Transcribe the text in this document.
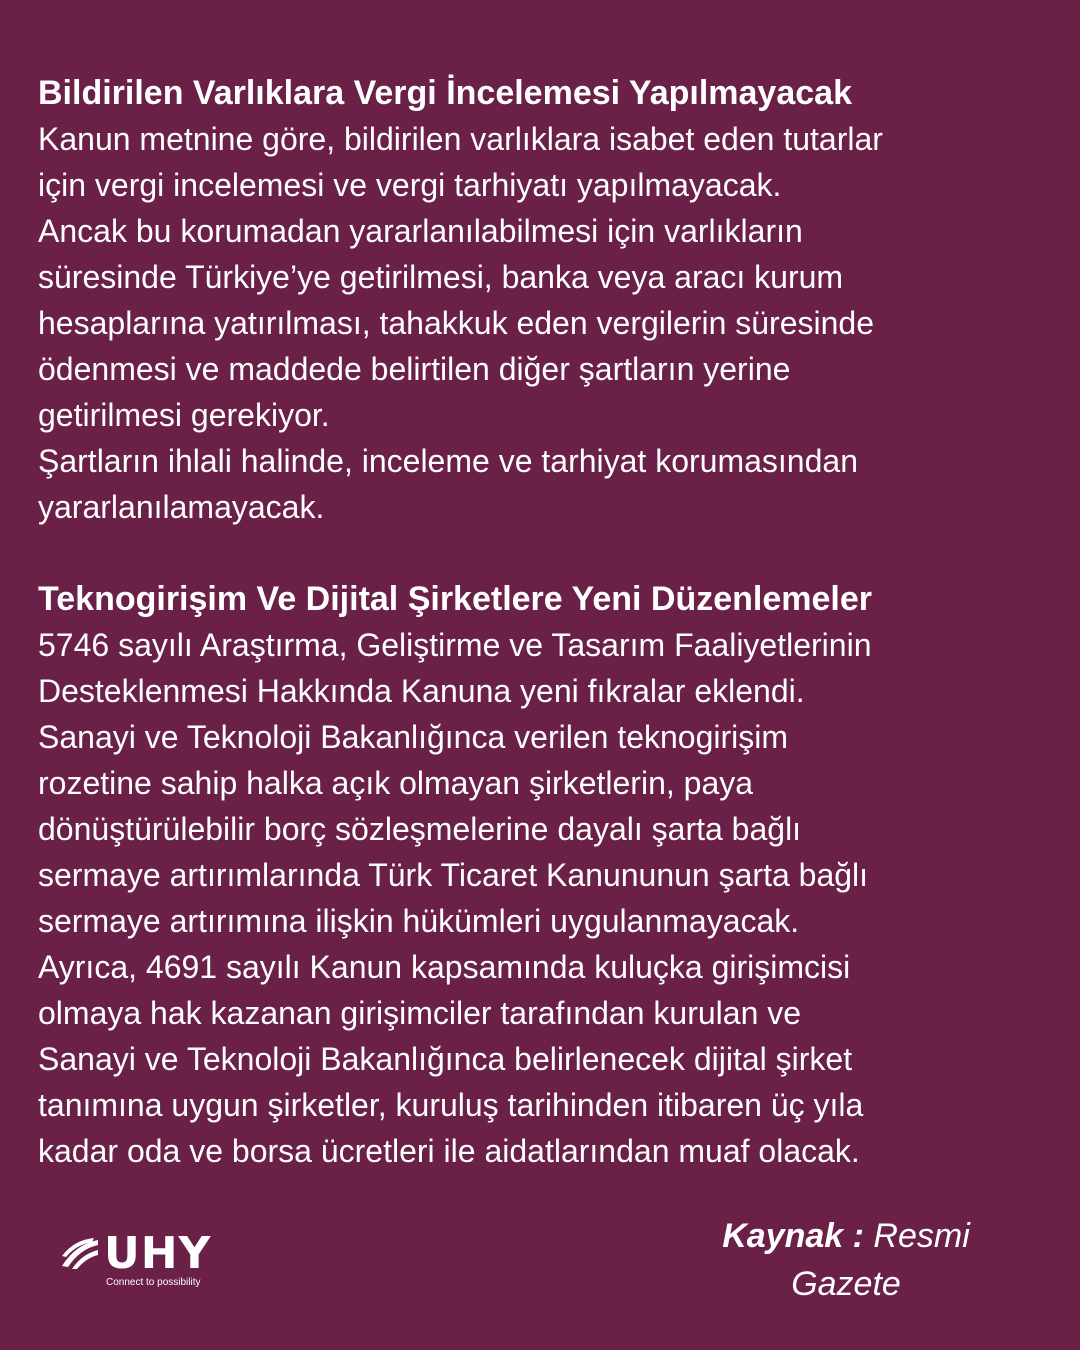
Bildirilen Varlıklara Vergi İncelemesi Yapılmayacak

Kanun metnine göre, bildirilen varlıklara isabet eden tutarlar
için vergi incelemesi ve vergi tarhiyatı yapılmayacak.
Ancak bu korumadan yararlanılabilmesi için varlıkların
süresinde Türkiye’ye getirilmesi, banka veya aracı kurum
hesaplarına yatırılması, tahakkuk eden vergilerin süresinde
ödenmesi ve maddede belirtilen diğer şartların yerine
getirilmesi gerekiyor.
Şartların ihlali halinde, inceleme ve tarhiyat korumasından
yararlanılamayacak.

Teknogirişim Ve Dijital Şirketlere Yeni Düzenlemeler

5746 sayılı Araştırma, Geliştirme ve Tasarım Faaliyetlerinin
Desteklenmesi Hakkında Kanuna yeni fıkralar eklendi.
Sanayi ve Teknoloji Bakanlığınca verilen teknogirişim
rozetine sahip halka açık olmayan şirketlerin, paya
dönüştürülebilir borç sözleşmelerine dayalı şarta bağlı
sermaye artırımlarında Türk Ticaret Kanununun şarta bağlı
sermaye artırımına ilişkin hükümleri uygulanmayacak.
Ayrıca, 4691 sayılı Kanun kapsamında kuluçka girişimcisi
olmaya hak kazanan girişimciler tarafından kurulan ve
Sanayi ve Teknoloji Bakanlığınca belirlenecek dijital şirket
tanımına uygun şirketler, kuruluş tarihinden itibaren üç yıla
kadar oda ve borsa ücretleri ile aidatlarından muaf olacak.

UHY
Connect to possibility
Kaynak : Resmi
Gazete
